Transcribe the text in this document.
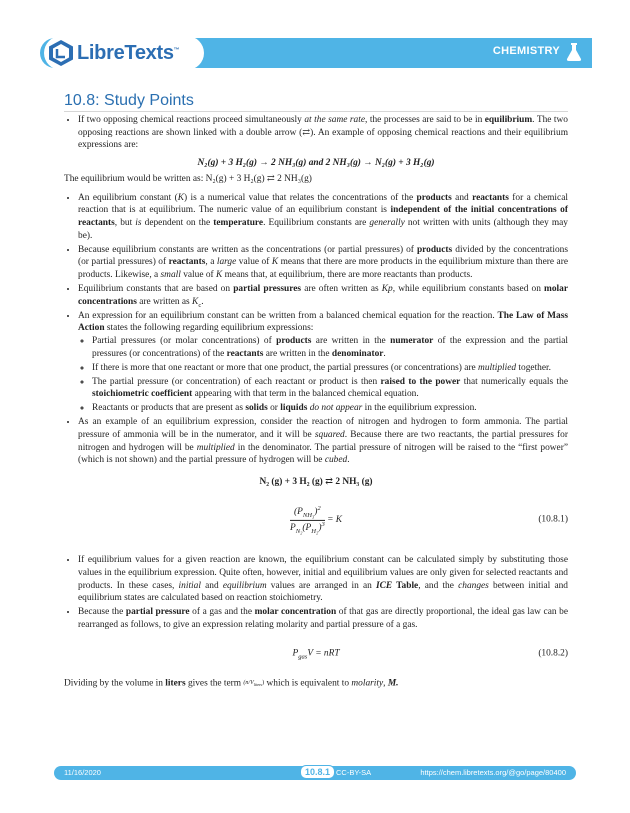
LibreTexts™	CHEMISTRY
10.8: Study Points
• If two opposing chemical reactions proceed simultaneously at the same rate, the processes are said to be in equilibrium. The two opposing reactions are shown linked with a double arrow (⇄). An example of opposing chemical reactions and their equilibrium expressions are:
N₂(g) + 3 H₂(g) → 2 NH₃(g) and 2 NH₃(g) → N₂(g) + 3 H₂(g)

The equilibrium would be written as: N₂(g) + 3 H₂(g) ⇄ 2 NH₃(g)

• An equilibrium constant (K) is a numerical value that relates the concentrations of the products and reactants for a chemical reaction that is at equilibrium. The numeric value of an equilibrium constant is independent of the initial concentrations of reactants, but is dependent on the temperature. Equilibrium constants are generally not written with units (although they may be).
• Because equilibrium constants are written as the concentrations (or partial pressures) of products divided by the concentrations (or partial pressures) of reactants, a large value of K means that there are more products in the equilibrium mixture than there are products. Likewise, a small value of K means that, at equilibrium, there are more reactants than products.
• Equilibrium constants that are based on partial pressures are often written as Kp, while equilibrium constants based on molar concentrations are written as $K_c$.
• An expression for an equilibrium constant can be written from a balanced chemical equation for the reaction. The Law of Mass Action states the following regarding equilibrium expressions:
◦ Partial pressures (or molar concentrations) of products are written in the numerator of the expression and the partial pressures (or concentrations) of the reactants are written in the denominator.
◦ If there is more that one reactant or more that one product, the partial pressures (or concentrations) are multiplied together.
◦ The partial pressure (or concentration) of each reactant or product is then raised to the power that numerically equals the stoichiometric coefficient appearing with that term in the balanced chemical equation.
◦ Reactants or products that are present as solids or liquids do not appear in the equilibrium expression.
• As an example of an equilibrium expression, consider the reaction of nitrogen and hydrogen to form ammonia. The partial pressure of ammonia will be in the numerator, and it will be squared. Because there are two reactants, the partial pressures for nitrogen and hydrogen will be multiplied in the denominator. The partial pressure of nitrogen will be raised to the “first power” (which is not shown) and the partial pressure of hydrogen will be cubed.
N₂ (g) + 3 H₂ (g) ⇄ 2 NH₃ (g)
$\frac{(P_{NH_3})^2}{P_{N_2}(P_{H_2})^3} = K$	(10.8.1)
• If equilibrium values for a given reaction are known, the equilibrium constant can be calculated simply by substituting those values in the equilibrium expression. Quite often, however, initial and equilibrium values are only given for selected reactants and products. In these cases, initial and equilibrium values are arranged in an ICE Table, and the changes between initial and equilibrium states are calculated based on reaction stoichiometry.
• Because the partial pressure of a gas and the molar concentration of that gas are directly proportional, the ideal gas law can be rearranged as follows, to give an expression relating molarity and partial pressure of a gas.
$P_{gas}V$ = nRT	(10.8.2)

Dividing by the volume in liters gives the term $(n/V_{liters})$ which is equivalent to molarity, M.

11/16/2020	10.8.1 CC-BY-SA	https://chem.libretexts.org/@go/page/80400
